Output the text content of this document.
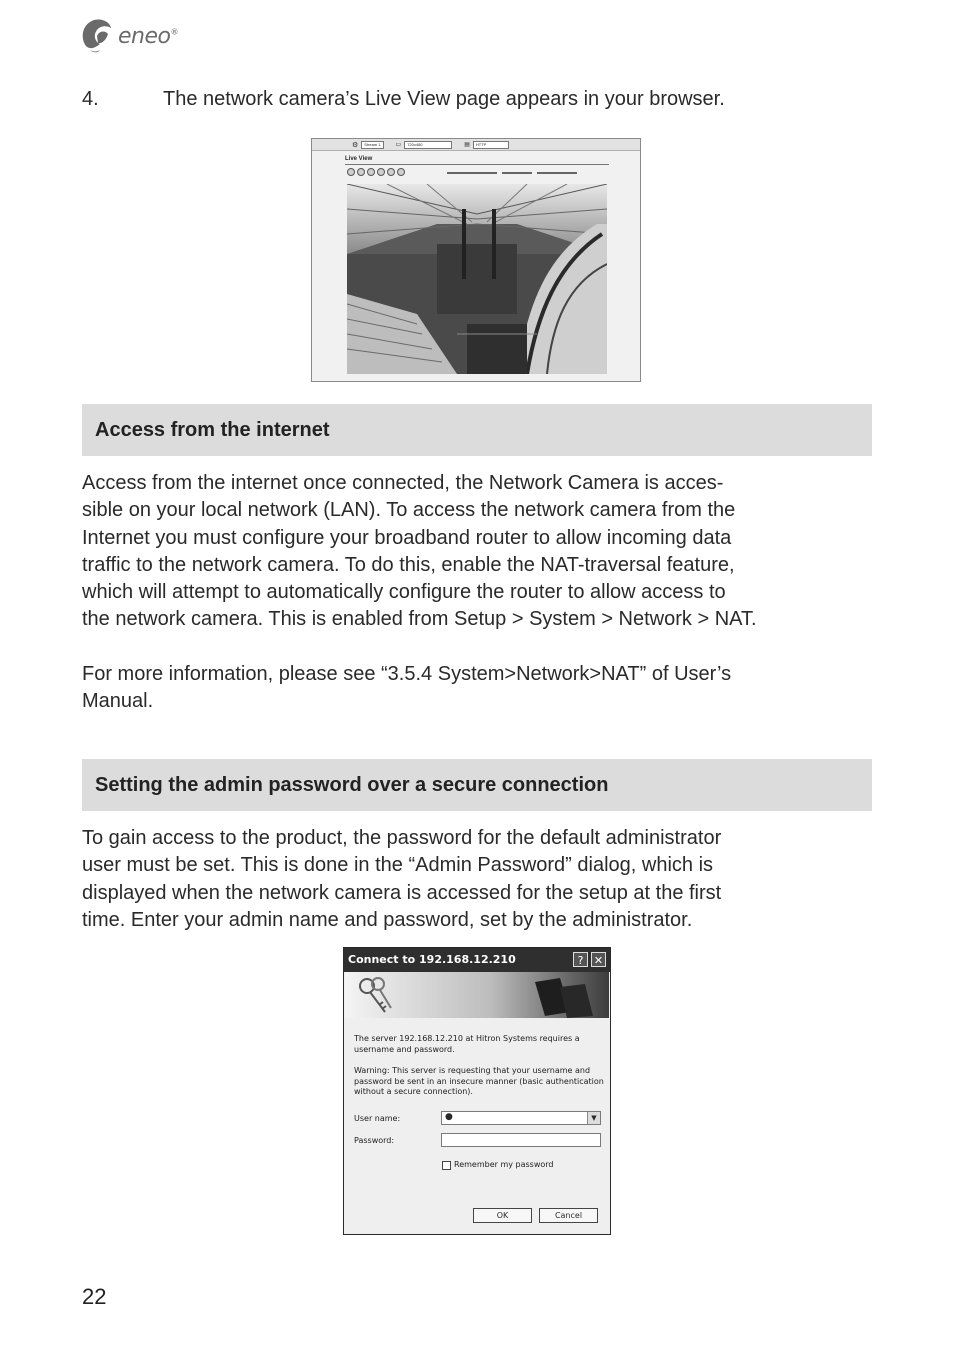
eneo®
4.	The network camera’s Live View page appears in your browser.
⚙	Stream 1	▭	720x480	▤	HTTP
Live View
Access from the internet
Access from the internet once connected, the Network Camera is acces-
sible on your local network (LAN). To access the network camera from the
Internet you must configure your broadband router to allow incoming data
traffic to the network camera. To do this, enable the NAT-traversal feature,
which will attempt to automatically configure the router to allow access to
the network camera. This is enabled from Setup > System > Network > NAT.
For more information, please see “3.5.4 System>Network>NAT” of User’s
Manual.
Setting the admin password over a secure connection
To gain access to the product, the password for the default administrator
user must be set. This is done in the “Admin Password” dialog, which is
displayed when the network camera is accessed for the setup at the first
time. Enter your admin name and password, set by the administrator.
Connect to 192.168.12.210	? ✕
The server 192.168.12.210 at Hitron Systems requires a
username and password.
Warning: This server is requesting that your username and
password be sent in an insecure manner (basic authentication
without a secure connection).
User name:	●	▼
Password:
Remember my password
OK	Cancel
22
